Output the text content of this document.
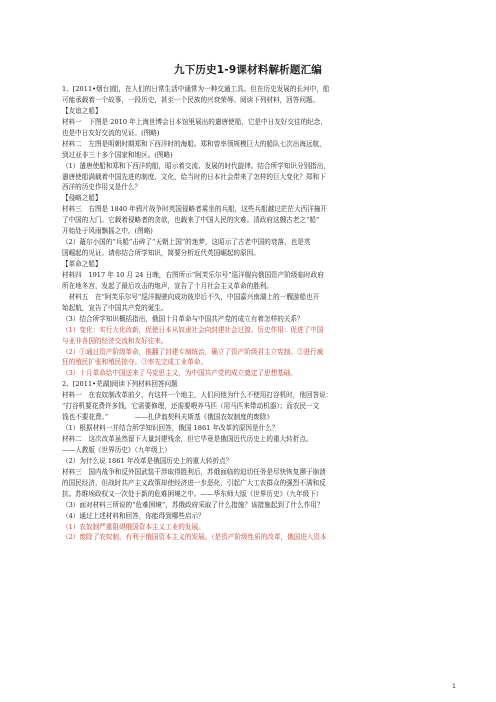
九下历史1-9课材料解析题汇编
1、[2011•烟台]船，在人们的日常生活中通常为一种交通工具。但在历史发展的长河中，船
可能承载着一个故事，一段历史，甚至一个民族的兴衰荣辱。阅读下列材料，回答问题。
【友谊之船】
材料一　下图是 2010 年上海世博会日本馆里展出的遣唐使船，它是中日友好交往的纪念，
也是中日友好交流的见证。(图略)
材料二　左图是明朝时期郑和下西洋时的海船。郑和曾率领规模巨大的船队七次出海远航，
到过亚非三十多个国家和地区。(图略)
（1）遣唐使船和郑和下西洋的船，昭示着交流、发展的时代旋律。结合所学知识分别指出，
遣唐使船满载着中国先进的制度、文化，给当时的日本社会带来了怎样的巨大变化？郑和下
西洋的历史作用又是什么？
【侵略之船】
材料三　右图是 1840 年鸦片战争时英国侵略者乘坐的兵船，这些兵船越过茫茫大西洋撞开
了中国的大门。它载着侵略者的贪欲，也载来了中国人民的灾难。清政府这艘古老之“船”
开始处于风雨飘摇之中。(图略)
（2）蕞尔小国的“兵船”击碎了“天朝上国”的迷梦，这昭示了古老中国的衰落，也是英
国崛起的见证。请你结合所学知识，简要分析近代英国崛起的原因。
【革命之船】
材料四　1917 年 10 月 24 日晚，右图所示“阿芙乐尔号”巡洋舰向俄国资产阶级临时政府
所在地冬宫，发起了最后攻击的炮声，宣告了十月社会主义革命的胜利。
　材料五　在“阿芙乐尔号”巡洋舰驶向成功彼岸后不久，中国嘉兴南湖上的一艘游船也开
始起航，宣告了中国共产党的诞生。
（3）结合所学知识概括指出，俄国十月革命与中国共产党的成立有着怎样的关系？
（1）变化：实行大化改新，促使日本从奴隶社会向封建社会过渡。历史作用：促进了中国
与亚非各国的经济交流和友好往来。
（2）①通过资产阶级革命，推翻了封建专制统治，确立了资产阶级君主立宪制。②进行疯
狂的殖民扩张和殖民掠夺。③率先完成工业革命。
（3）十月革命给中国送来了马克思主义，为中国共产党的成立奠定了思想基础。
2、[2011•芜湖]阅读下列材料回答问题
材料一　在农奴制改革前夕，有这样一个地主，人们问他为什么不使用打谷机时，他回答说：
“打谷机要花费许多钱，它需要修理，还需要喂养马匹（用马匹来带动机器）；而农民一文
钱也不要花费。”　　　　——扎伊翁契科夫斯基《俄国农奴制度的废除》
（1）根据材料一并结合所学知识回答，俄国 1861 年改革的原因是什么？
材料二　这次改革虽然留下大量封建残余，但它毕竟是俄国近代历史上的重大转折点。
——人教版《世界历史》（九年级上）
（2）为什么说 1861 年改革是俄国历史上的重大转折点？
材料三　国内战争和反外国武装干涉取得胜利后，苏俄面临的迫切任务是尽快恢复濒于崩溃
的国民经济，但战时共产主义政策却使经济进一步恶化，引起广大工农群众的强烈不满和反
抗。苏维埃政权又一次处于新的危难困境之中。——华东师大版《世界历史》（九年级下）
（3）面对材料三所说的“危难困境”，苏俄政府采取了什么措施？该措施起到了什么作用？
（4）通过上述材料和回答，你能得到哪些启示？
（1）农奴制严重阻碍俄国资本主义工业的发展。
（2）废除了农奴制，有利于俄国资本主义的发展。（是资产阶级性质的改革，俄国进入资本
1
